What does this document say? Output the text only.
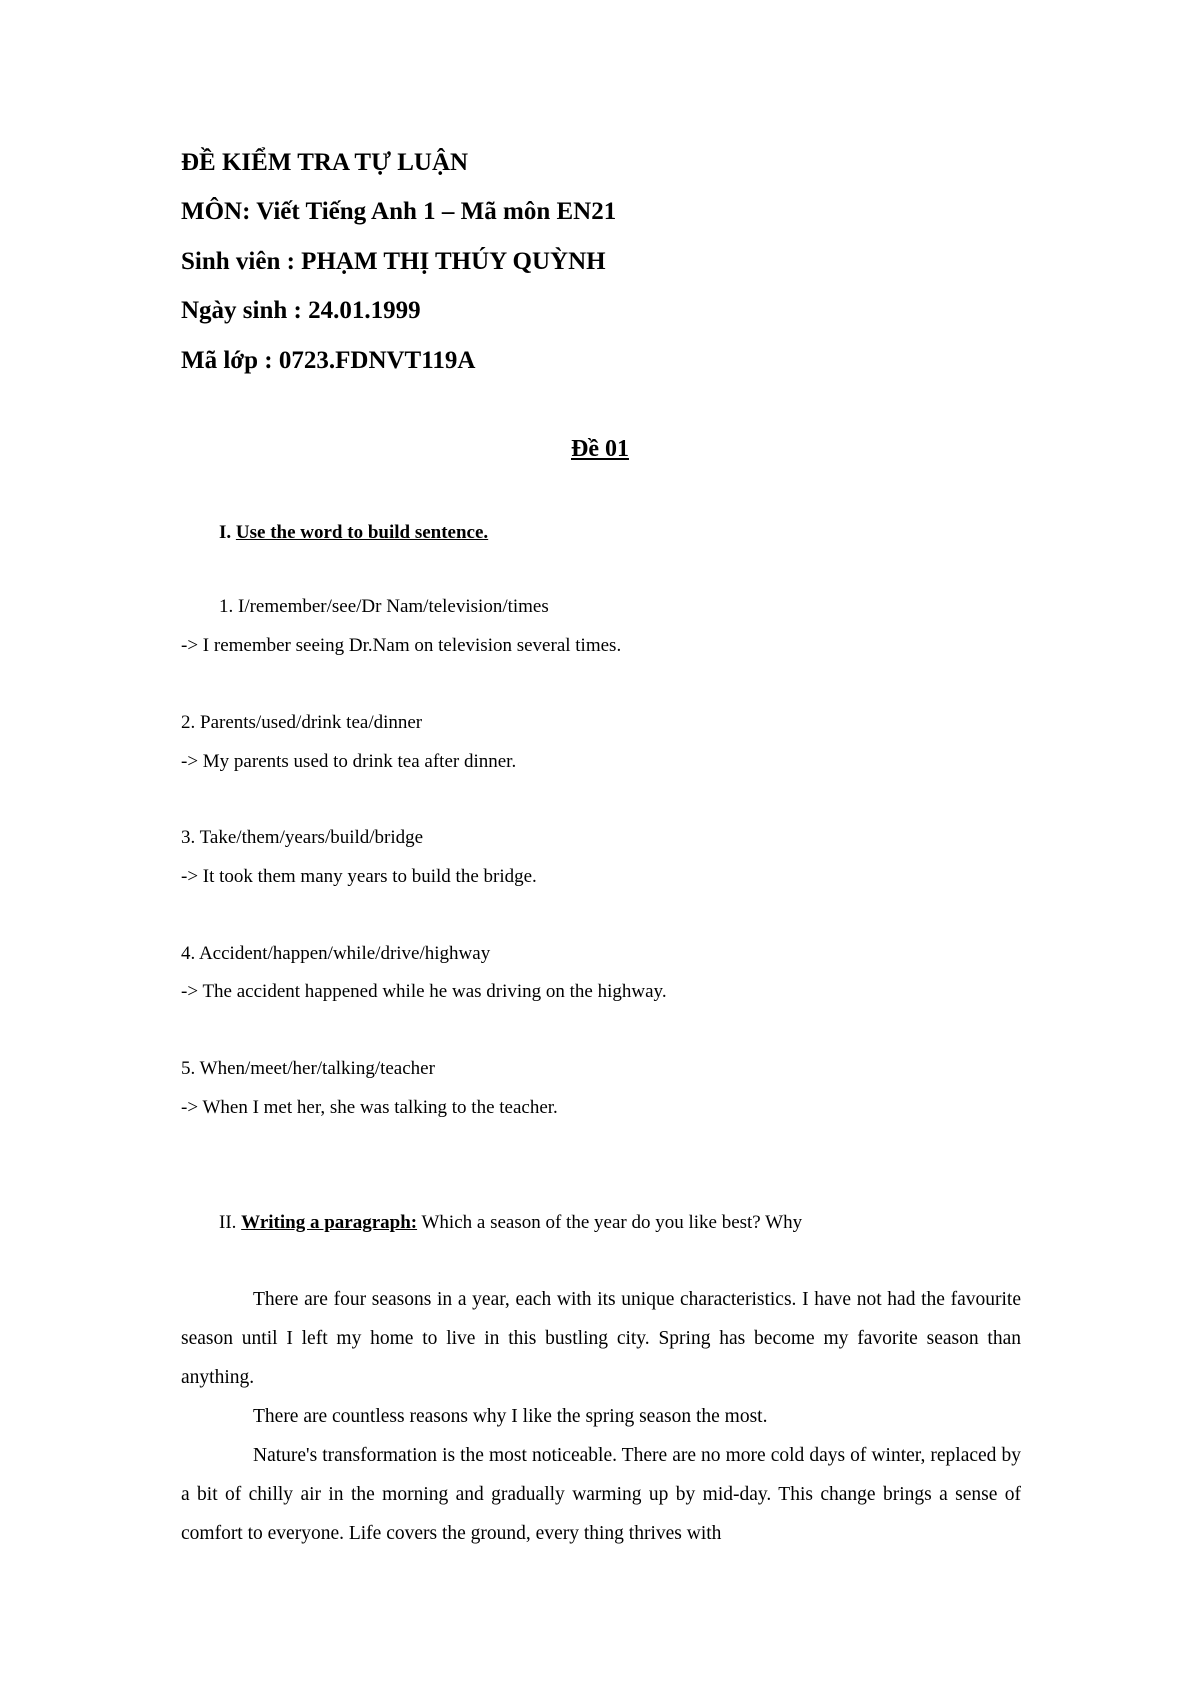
ĐỀ KIỂM TRA TỰ LUẬN
MÔN: Viết Tiếng Anh 1 – Mã môn EN21
Sinh viên : PHẠM THỊ THÚY QUỲNH
Ngày sinh : 24.01.1999
Mã lớp : 0723.FDNVT119A
Đề 01
I. Use the word to build sentence.
1. I/remember/see/Dr Nam/television/times
-> I remember seeing Dr.Nam on television several times.
2. Parents/used/drink tea/dinner
-> My parents used to drink tea after dinner.
3. Take/them/years/build/bridge
-> It took them many years to build the bridge.
4. Accident/happen/while/drive/highway
-> The accident happened while he was driving on the highway.
5. When/meet/her/talking/teacher
-> When I met her, she was talking to the teacher.
II. Writing a paragraph: Which a season of the year do you like best? Why

There are four seasons in a year, each with its unique characteristics. I have not had the favourite season until I left my home to live in this bustling city. Spring has become my favorite season than anything.

There are countless reasons why I like the spring season the most.

Nature's transformation is the most noticeable. There are no more cold days of winter, replaced by a bit of chilly air in the morning and gradually warming up by mid-day. This change brings a sense of comfort to everyone. Life covers the ground, every thing thrives with
